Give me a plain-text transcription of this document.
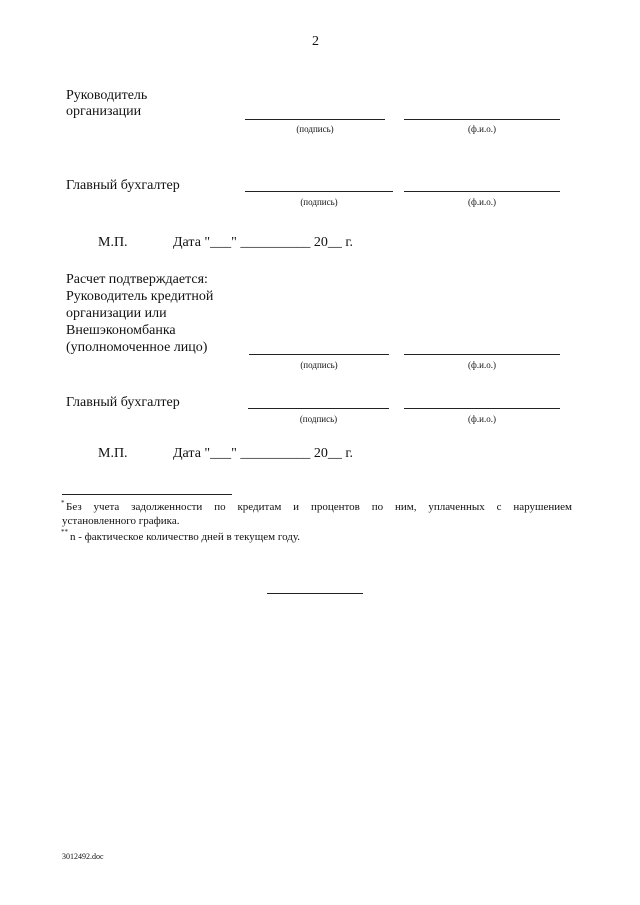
2
Руководитель
организации
(подпись)	(ф.и.о.)
Главный бухгалтер
(подпись)	(ф.и.о.)
М.П.	Дата "___" __________ 20__ г.
Расчет подтверждается:
Руководитель кредитной
организации или
Внешэкономбанка
(уполномоченное лицо)
(подпись)	(ф.и.о.)
Главный бухгалтер
(подпись)	(ф.и.о.)
М.П.	Дата "___" __________ 20__ г.
* Без учета задолженности по кредитам и процентов по ним, уплаченных с нарушением
установленного графика.
** n - фактическое количество дней в текущем году.
3012492.doc
